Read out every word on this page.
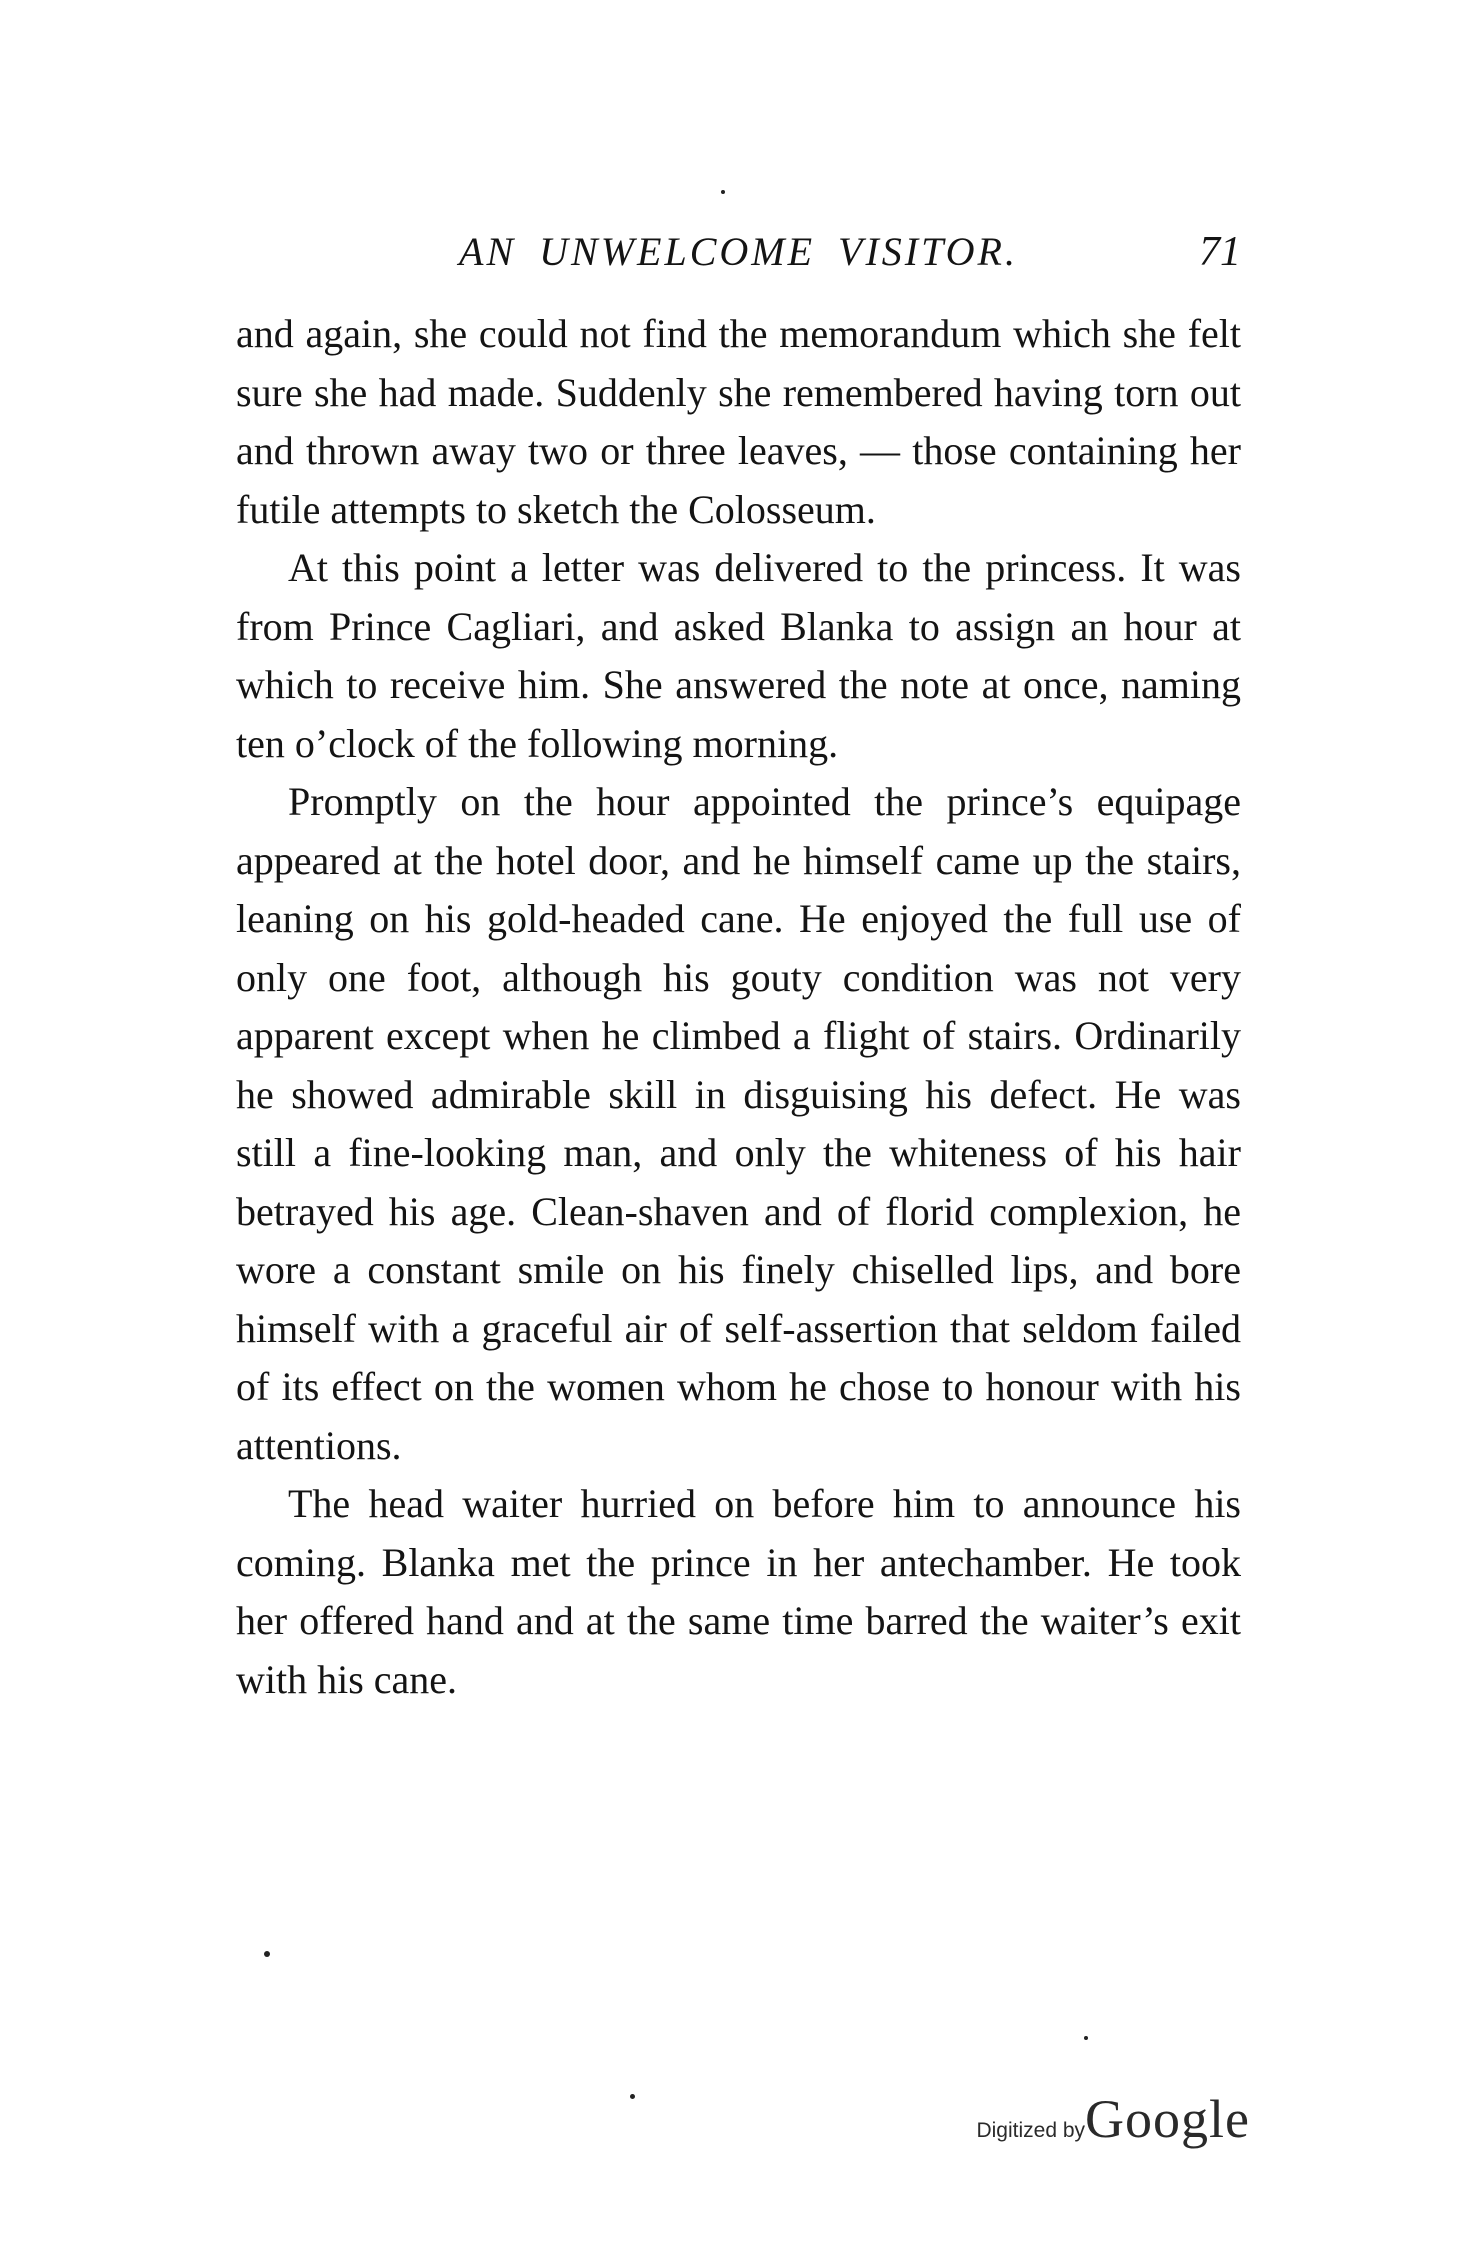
AN UNWELCOME VISITOR.	71

and again, she could not find the memorandum which she felt sure she had made. Suddenly she remembered having torn out and thrown away two or three leaves, — those containing her futile attempts to sketch the Colosseum.

At this point a letter was delivered to the princess. It was from Prince Cagliari, and asked Blanka to assign an hour at which to receive him. She answered the note at once, naming ten o’clock of the following morning.

Promptly on the hour appointed the prince’s equipage appeared at the hotel door, and he himself came up the stairs, leaning on his gold-headed cane. He enjoyed the full use of only one foot, although his gouty condition was not very apparent except when he climbed a flight of stairs. Ordinarily he showed admirable skill in disguising his defect. He was still a fine-looking man, and only the whiteness of his hair betrayed his age. Clean-shaven and of florid complexion, he wore a constant smile on his finely chiselled lips, and bore himself with a graceful air of self-assertion that seldom failed of its effect on the women whom he chose to honour with his attentions.

The head waiter hurried on before him to announce his coming. Blanka met the prince in her antechamber. He took her offered hand and at the same time barred the waiter’s exit with his cane.

Digitized byGoogle
